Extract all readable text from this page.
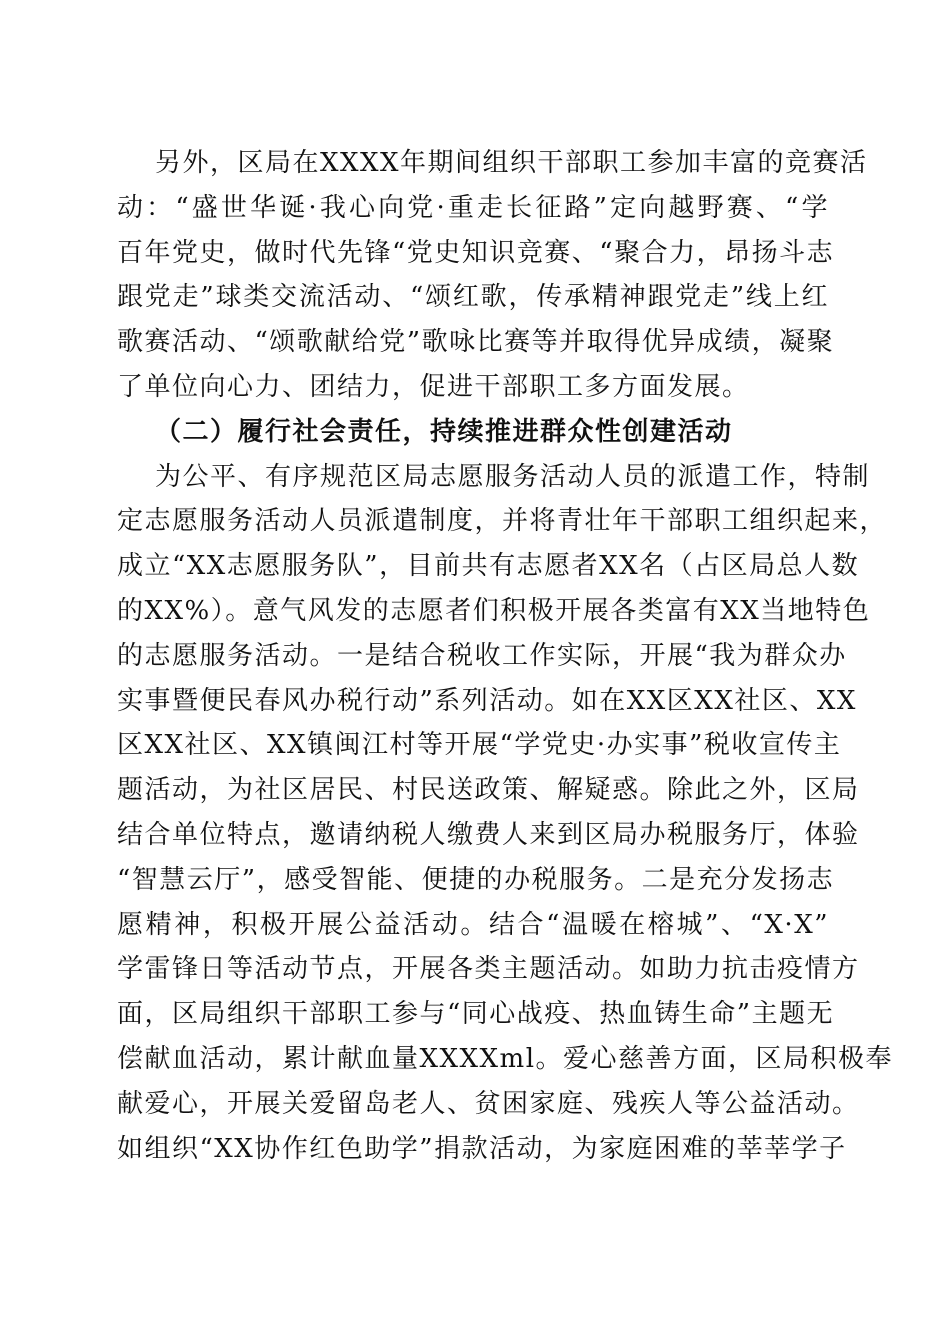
另外，区局在XXXX年期间组织干部职工参加丰富的竞赛活
动：“盛世华诞·我心向党·重走长征路”定向越野赛、“学
百年党史，做时代先锋“党史知识竞赛、“聚合力，昂扬斗志
跟党走”球类交流活动、“颂红歌，传承精神跟党走”线上红
歌赛活动、“颂歌献给党”歌咏比赛等并取得优异成绩，凝聚
了单位向心力、团结力，促进干部职工多方面发展。
（二）履行社会责任，持续推进群众性创建活动
为公平、有序规范区局志愿服务活动人员的派遣工作，特制
定志愿服务活动人员派遣制度，并将青壮年干部职工组织起来，
成立“XX志愿服务队”，目前共有志愿者XX名（占区局总人数
的XX%）。意气风发的志愿者们积极开展各类富有XX当地特色
的志愿服务活动。一是结合税收工作实际，开展“我为群众办
实事暨便民春风办税行动”系列活动。如在XX区XX社区、XX
区XX社区、XX镇闽江村等开展“学党史·办实事”税收宣传主
题活动，为社区居民、村民送政策、解疑惑。除此之外，区局
结合单位特点，邀请纳税人缴费人来到区局办税服务厅，体验
“智慧云厅”，感受智能、便捷的办税服务。二是充分发扬志
愿精神，积极开展公益活动。结合“温暖在榕城”、“X·X”
学雷锋日等活动节点，开展各类主题活动。如助力抗击疫情方
面，区局组织干部职工参与“同心战疫、热血铸生命”主题无
偿献血活动，累计献血量XXXXml。爱心慈善方面，区局积极奉
献爱心，开展关爱留岛老人、贫困家庭、残疾人等公益活动。
如组织“XX协作红色助学”捐款活动，为家庭困难的莘莘学子
